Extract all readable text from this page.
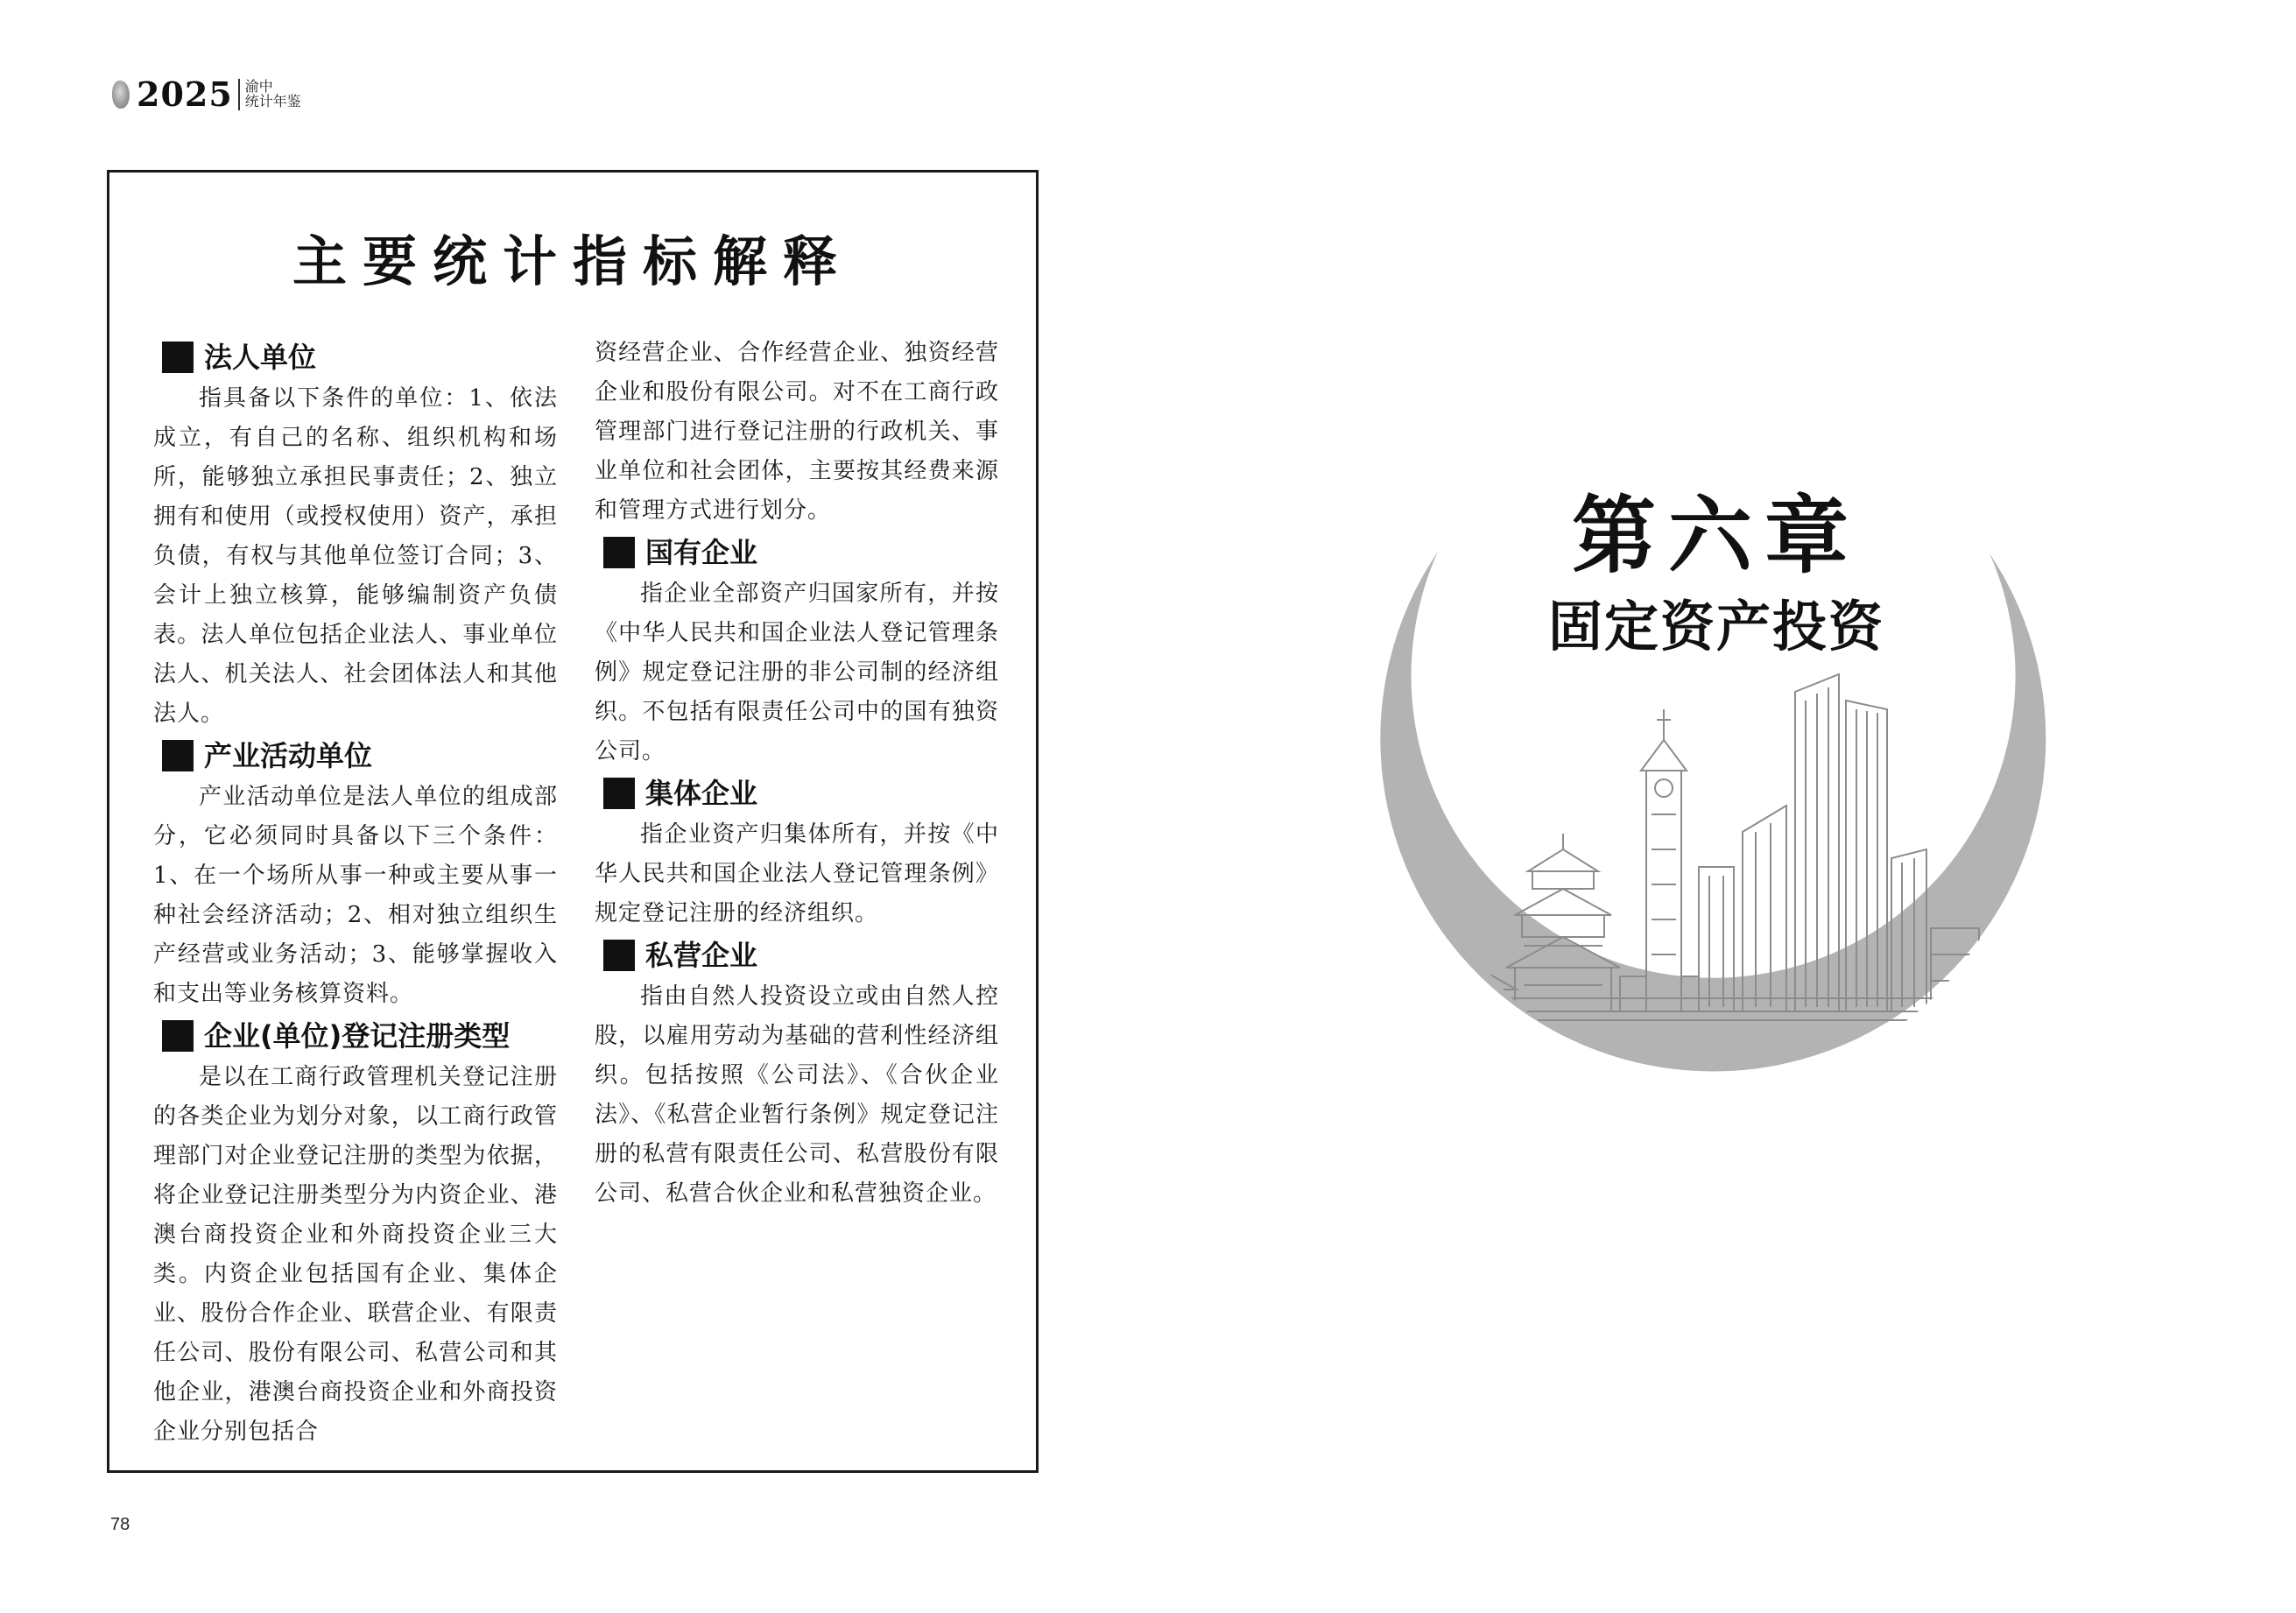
2025 渝中
统计年鉴
主要统计指标解释
法人单位

指具备以下条件的单位：1、依法成立，有自己的名称、组织机构和场所，能够独立承担民事责任；2、独立拥有和使用（或授权使用）资产，承担负债，有权与其他单位签订合同；3、会计上独立核算，能够编制资产负债表。法人单位包括企业法人、事业单位法人、机关法人、社会团体法人和其他法人。

产业活动单位

产业活动单位是法人单位的组成部分，它必须同时具备以下三个条件：1、在一个场所从事一种或主要从事一种社会经济活动；2、相对独立组织生产经营或业务活动；3、能够掌握收入和支出等业务核算资料。

企业(单位)登记注册类型

是以在工商行政管理机关登记注册的各类企业为划分对象，以工商行政管理部门对企业登记注册的类型为依据，将企业登记注册类型分为内资企业、港澳台商投资企业和外商投资企业三大类。内资企业包括国有企业、集体企业、股份合作企业、联营企业、有限责任公司、股份有限公司、私营公司和其他企业，港澳台商投资企业和外商投资企业分别包括合

资经营企业、合作经营企业、独资经营企业和股份有限公司。对不在工商行政管理部门进行登记注册的行政机关、事业单位和社会团体，主要按其经费来源和管理方式进行划分。

国有企业

指企业全部资产归国家所有，并按《中华人民共和国企业法人登记管理条例》规定登记注册的非公司制的经济组织。不包括有限责任公司中的国有独资公司。

集体企业

指企业资产归集体所有，并按《中华人民共和国企业法人登记管理条例》规定登记注册的经济组织。

私营企业

指由自然人投资设立或由自然人控股，以雇用劳动为基础的营利性经济组织。包括按照《公司法》、《合伙企业法》、《私营企业暂行条例》规定登记注册的私营有限责任公司、私营股份有限公司、私营合伙企业和私营独资企业。

78
第六章
固定资产投资
